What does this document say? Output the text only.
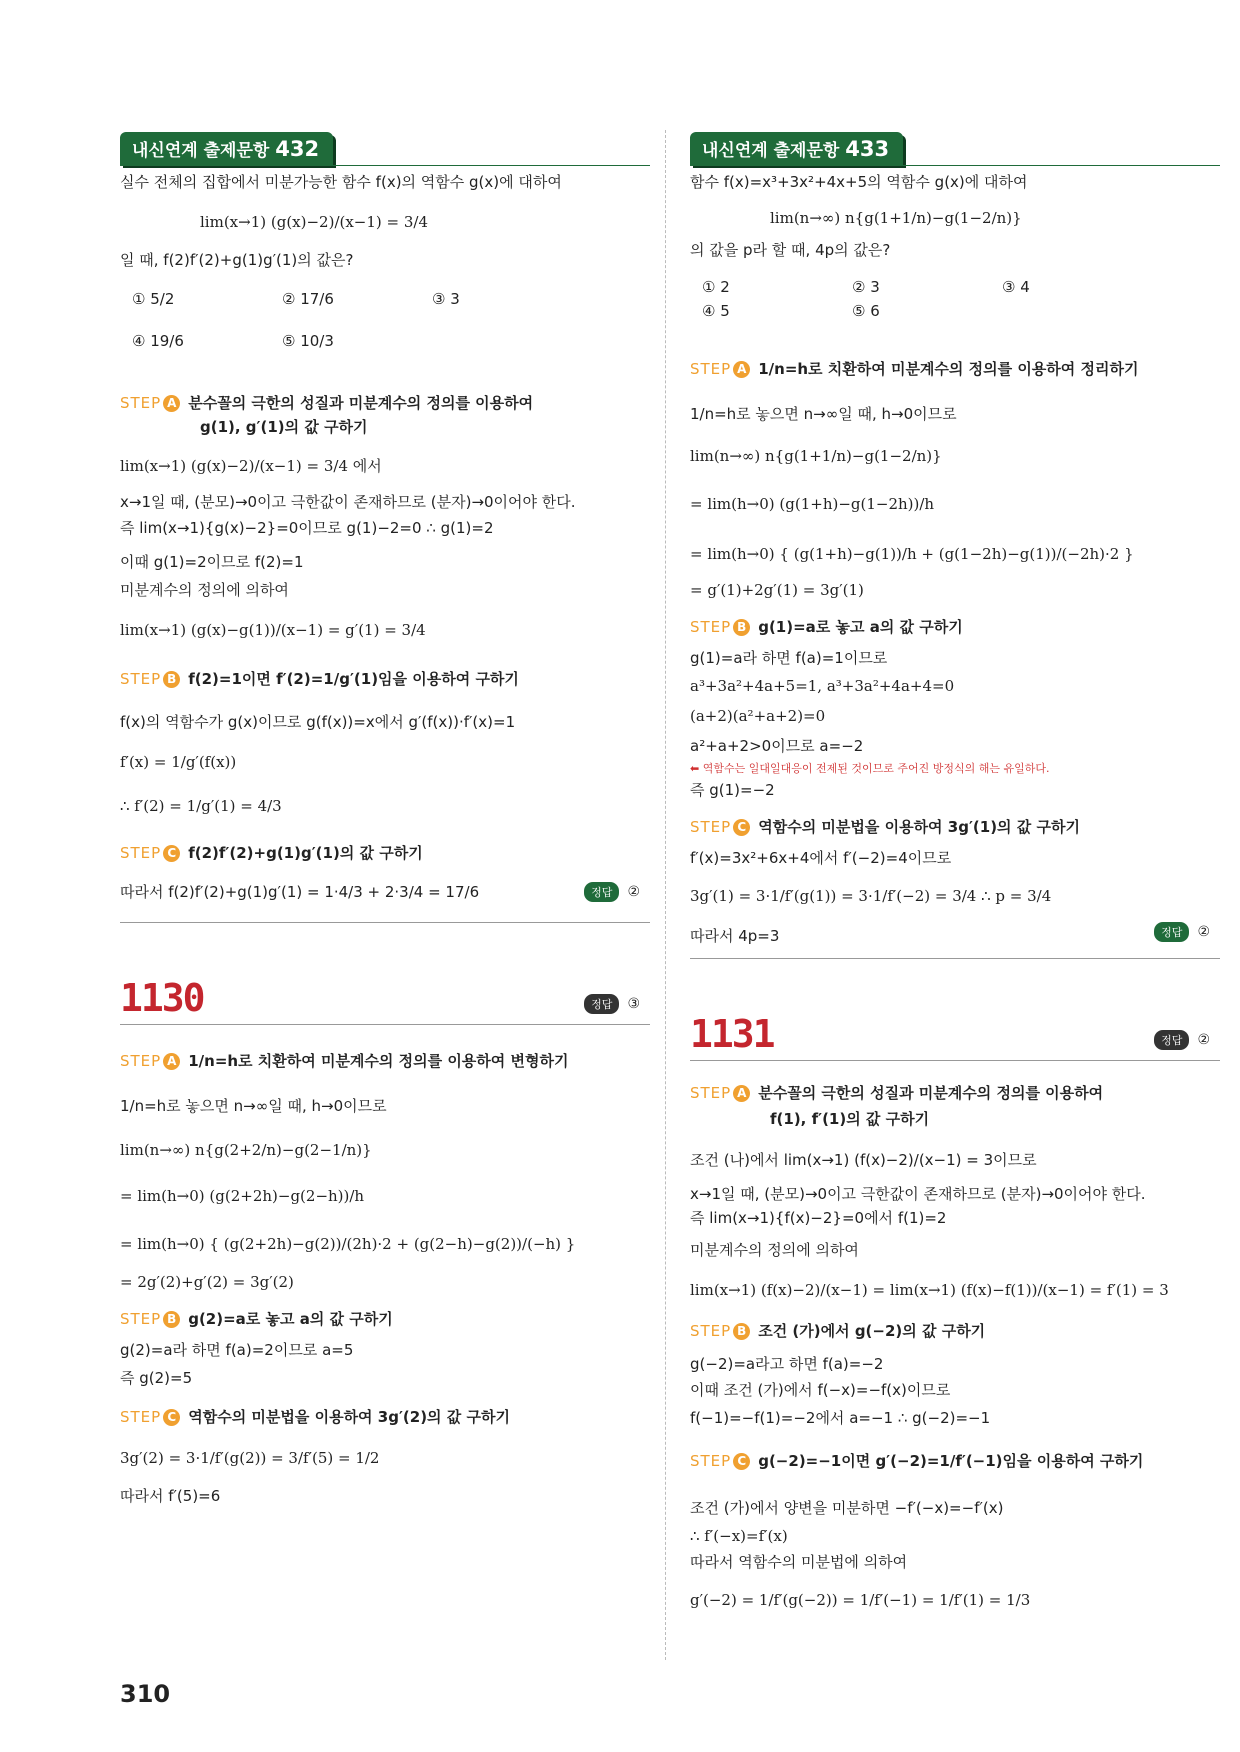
내신연계 출제문항 432
실수 전체의 집합에서 미분가능한 함수 f(x)의 역함수 g(x)에 대하여
lim(x→1) (g(x)−2)/(x−1) = 3/4
일 때, f(2)f′(2)+g(1)g′(1)의 값은?
① 5/2	② 17/6	③ 3
④ 19/6	⑤ 10/3
STEP A 분수꼴의 극한의 성질과 미분계수의 정의를 이용하여
g(1), g′(1)의 값 구하기
lim(x→1) (g(x)−2)/(x−1) = 3/4 에서
x→1일 때, (분모)→0이고 극한값이 존재하므로 (분자)→0이어야 한다.
즉 lim(x→1){g(x)−2}=0이므로 g(1)−2=0 ∴ g(1)=2
이때 g(1)=2이므로 f(2)=1
미분계수의 정의에 의하여
lim(x→1) (g(x)−g(1))/(x−1) = g′(1) = 3/4
STEP B f(2)=1이면 f′(2)=1/g′(1)임을 이용하여 구하기
f(x)의 역함수가 g(x)이므로 g(f(x))=x에서 g′(f(x))·f′(x)=1
f′(x) = 1/g′(f(x))
∴ f′(2) = 1/g′(1) = 4/3
STEP C f(2)f′(2)+g(1)g′(1)의 값 구하기
따라서 f(2)f′(2)+g(1)g′(1) = 1·4/3 + 2·3/4 = 17/6	정답 ②
1130	정답 ③
STEP A 1/n=h로 치환하여 미분계수의 정의를 이용하여 변형하기
1/n=h로 놓으면 n→∞일 때, h→0이므로
lim(n→∞) n{g(2+2/n)−g(2−1/n)}
= lim(h→0) (g(2+2h)−g(2−h))/h
= lim(h→0) { (g(2+2h)−g(2))/(2h)·2 + (g(2−h)−g(2))/(−h) }
= 2g′(2)+g′(2) = 3g′(2)
STEP B g(2)=a로 놓고 a의 값 구하기
g(2)=a라 하면 f(a)=2이므로 a=5
즉 g(2)=5
STEP C 역함수의 미분법을 이용하여 3g′(2)의 값 구하기
3g′(2) = 3·1/f′(g(2)) = 3/f′(5) = 1/2
따라서 f′(5)=6
내신연계 출제문항 433
함수 f(x)=x³+3x²+4x+5의 역함수 g(x)에 대하여
lim(n→∞) n{g(1+1/n)−g(1−2/n)}
의 값을 p라 할 때, 4p의 값은?
① 2	② 3	③ 4
④ 5	⑤ 6
STEP A 1/n=h로 치환하여 미분계수의 정의를 이용하여 정리하기
1/n=h로 놓으면 n→∞일 때, h→0이므로
lim(n→∞) n{g(1+1/n)−g(1−2/n)}
= lim(h→0) (g(1+h)−g(1−2h))/h
= lim(h→0) { (g(1+h)−g(1))/h + (g(1−2h)−g(1))/(−2h)·2 }
= g′(1)+2g′(1) = 3g′(1)
STEP B g(1)=a로 놓고 a의 값 구하기
g(1)=a라 하면 f(a)=1이므로
a³+3a²+4a+5=1, a³+3a²+4a+4=0
(a+2)(a²+a+2)=0
a²+a+2>0이므로 a=−2
⬅ 역함수는 일대일대응이 전제된 것이므로 주어진 방정식의 해는 유일하다.
즉 g(1)=−2
STEP C 역함수의 미분법을 이용하여 3g′(1)의 값 구하기
f′(x)=3x²+6x+4에서 f′(−2)=4이므로
3g′(1) = 3·1/f′(g(1)) = 3·1/f′(−2) = 3/4 ∴ p = 3/4
따라서 4p=3	정답 ②
1131	정답 ②
STEP A 분수꼴의 극한의 성질과 미분계수의 정의를 이용하여
f(1), f′(1)의 값 구하기
조건 (나)에서 lim(x→1) (f(x)−2)/(x−1) = 3이므로
x→1일 때, (분모)→0이고 극한값이 존재하므로 (분자)→0이어야 한다.
즉 lim(x→1){f(x)−2}=0에서 f(1)=2
미분계수의 정의에 의하여
lim(x→1) (f(x)−2)/(x−1) = lim(x→1) (f(x)−f(1))/(x−1) = f′(1) = 3
STEP B 조건 (가)에서 g(−2)의 값 구하기
g(−2)=a라고 하면 f(a)=−2
이때 조건 (가)에서 f(−x)=−f(x)이므로
f(−1)=−f(1)=−2에서 a=−1 ∴ g(−2)=−1
STEP C g(−2)=−1이면 g′(−2)=1/f′(−1)임을 이용하여 구하기
조건 (가)에서 양변을 미분하면 −f′(−x)=−f′(x)
∴ f′(−x)=f′(x)
따라서 역함수의 미분법에 의하여
g′(−2) = 1/f′(g(−2)) = 1/f′(−1) = 1/f′(1) = 1/3
310
